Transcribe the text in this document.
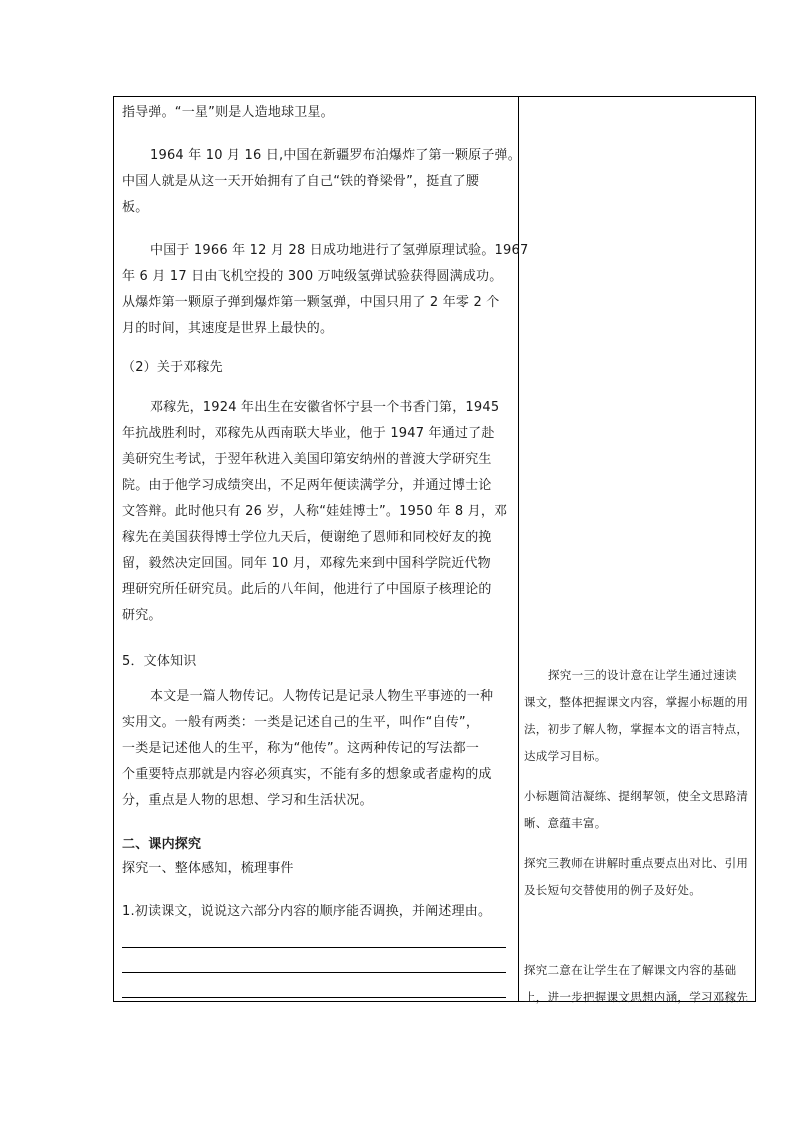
指导弹。“一星”则是人造地球卫星。
1964 年 10 月 16 日,中国在新疆罗布泊爆炸了第一颗原子弹。
中国人就是从这一天开始拥有了自己“铁的脊梁骨”，挺直了腰
板。
中国于 1966 年 12 月 28 日成功地进行了氢弹原理试验。1967
年 6 月 17 日由飞机空投的 300 万吨级氢弹试验获得圆满成功。
从爆炸第一颗原子弹到爆炸第一颗氢弹，中国只用了 2 年零 2 个
月的时间，其速度是世界上最快的。
（2）关于邓稼先
邓稼先，1924 年出生在安徽省怀宁县一个书香门第，1945
年抗战胜利时，邓稼先从西南联大毕业，他于 1947 年通过了赴
美研究生考试，于翌年秋进入美国印第安纳州的普渡大学研究生
院。由于他学习成绩突出，不足两年便读满学分，并通过博士论
文答辩。此时他只有 26 岁，人称“娃娃博士”。1950 年 8 月，邓
稼先在美国获得博士学位九天后，便谢绝了恩师和同校好友的挽
留，毅然决定回国。同年 10 月，邓稼先来到中国科学院近代物
理研究所任研究员。此后的八年间，他进行了中国原子核理论的
研究。
5．文体知识
本文是一篇人物传记。人物传记是记录人物生平事迹的一种
实用文。一般有两类：一类是记述自己的生平，叫作“自传”，
一类是记述他人的生平，称为“他传”。这两种传记的写法都一
个重要特点那就是内容必须真实，不能有多的想象或者虚构的成
分，重点是人物的思想、学习和生活状况。
二、课内探究
探究一、整体感知，梳理事件
1.初读课文，说说这六部分内容的顺序能否调换，并阐述理由。
探究一三的设计意在让学生通过速读
课文，整体把握课文内容，掌握小标题的用
法，初步了解人物，掌握本文的语言特点，
达成学习目标。
小标题简洁凝练、提纲挈领，使全文思路清
晰、意蕴丰富。
探究三教师在讲解时重点要点出对比、引用
及长短句交替使用的例子及好处。
探究二意在让学生在了解课文内容的基础
上，进一步把握课文思想内涵，学习邓稼先
